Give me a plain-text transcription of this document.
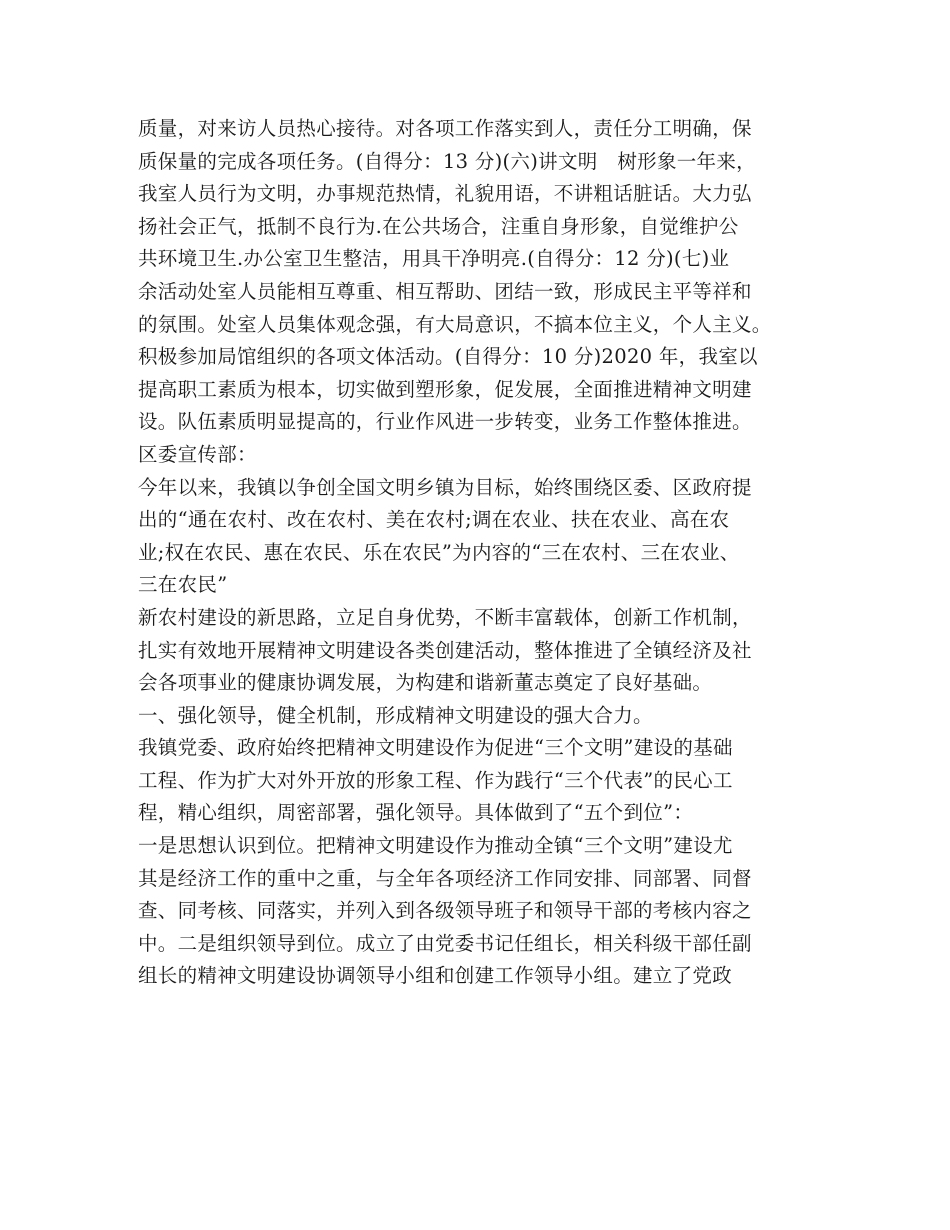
质量，对来访人员热心接待。对各项工作落实到人，责任分工明确，保
质保量的完成各项任务。(自得分：13 分)(六)讲文明　树形象一年来，
我室人员行为文明，办事规范热情，礼貌用语，不讲粗话脏话。大力弘
扬社会正气，抵制不良行为.在公共场合，注重自身形象，自觉维护公
共环境卫生.办公室卫生整洁，用具干净明亮.(自得分：12 分)(七)业
余活动处室人员能相互尊重、相互帮助、团结一致，形成民主平等祥和
的氛围。处室人员集体观念强，有大局意识，不搞本位主义，个人主义。
积极参加局馆组织的各项文体活动。(自得分：10 分)2020 年，我室以
提高职工素质为根本，切实做到塑形象，促发展，全面推进精神文明建
设。队伍素质明显提高的，行业作风进一步转变，业务工作整体推进。
区委宣传部：
今年以来，我镇以争创全国文明乡镇为目标，始终围绕区委、区政府提
出的“通在农村、改在农村、美在农村;调在农业、扶在农业、高在农
业;权在农民、惠在农民、乐在农民”为内容的“三在农村、三在农业、
三在农民”
新农村建设的新思路，立足自身优势，不断丰富载体，创新工作机制，
扎实有效地开展精神文明建设各类创建活动，整体推进了全镇经济及社
会各项事业的健康协调发展，为构建和谐新董志奠定了良好基础。
一、强化领导，健全机制，形成精神文明建设的强大合力。
我镇党委、政府始终把精神文明建设作为促进“三个文明”建设的基础
工程、作为扩大对外开放的形象工程、作为践行“三个代表”的民心工
程，精心组织，周密部署，强化领导。具体做到了“五个到位”：
一是思想认识到位。把精神文明建设作为推动全镇“三个文明”建设尤
其是经济工作的重中之重，与全年各项经济工作同安排、同部署、同督
查、同考核、同落实，并列入到各级领导班子和领导干部的考核内容之
中。二是组织领导到位。成立了由党委书记任组长，相关科级干部任副
组长的精神文明建设协调领导小组和创建工作领导小组。建立了党政
